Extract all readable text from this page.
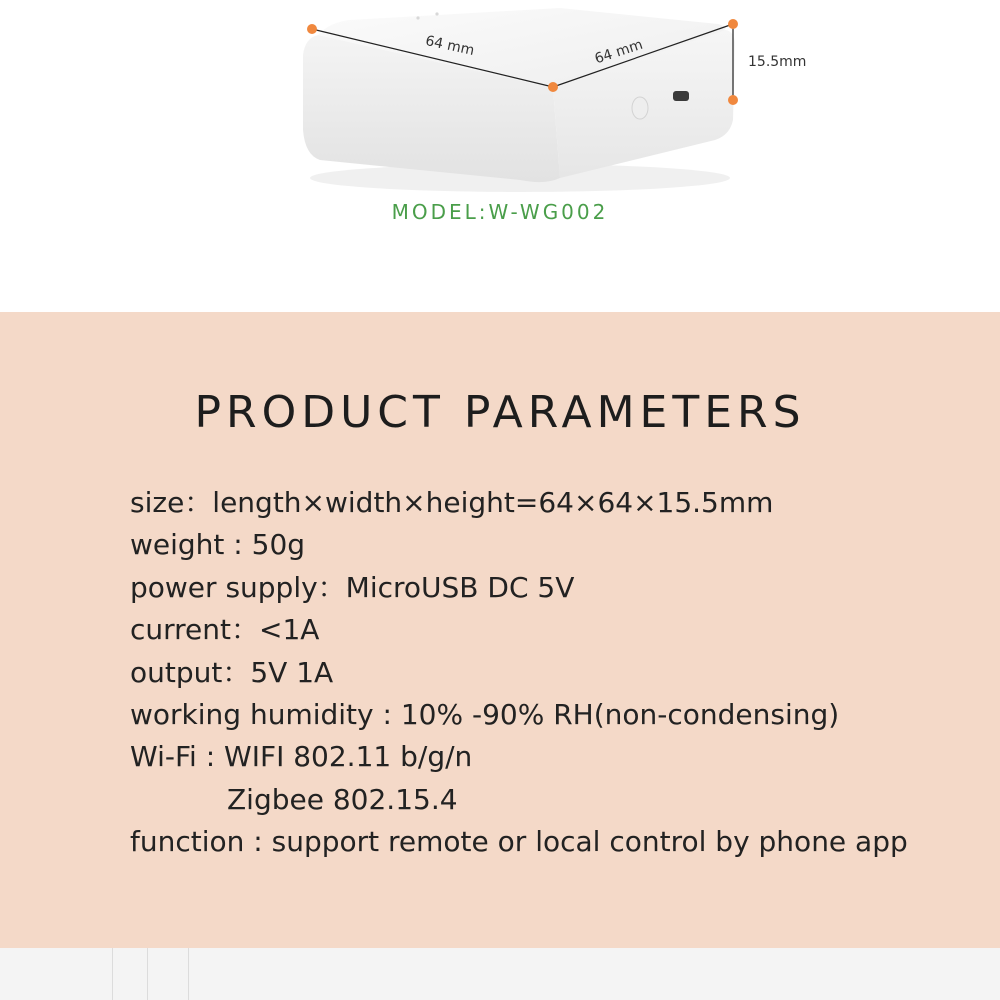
64 mm	64 mm	15.5mm
MODEL:W-WG002
PRODUCT PARAMETERS
size：length×width×height=64×64×15.5mm
weight : 50g
power supply：MicroUSB DC 5V
current：<1A
output：5V 1A
working humidity : 10% -90% RH(non-condensing)
Wi-Fi : WIFI 802.11 b/g/n
Zigbee 802.15.4
function : support remote or local control by phone app
